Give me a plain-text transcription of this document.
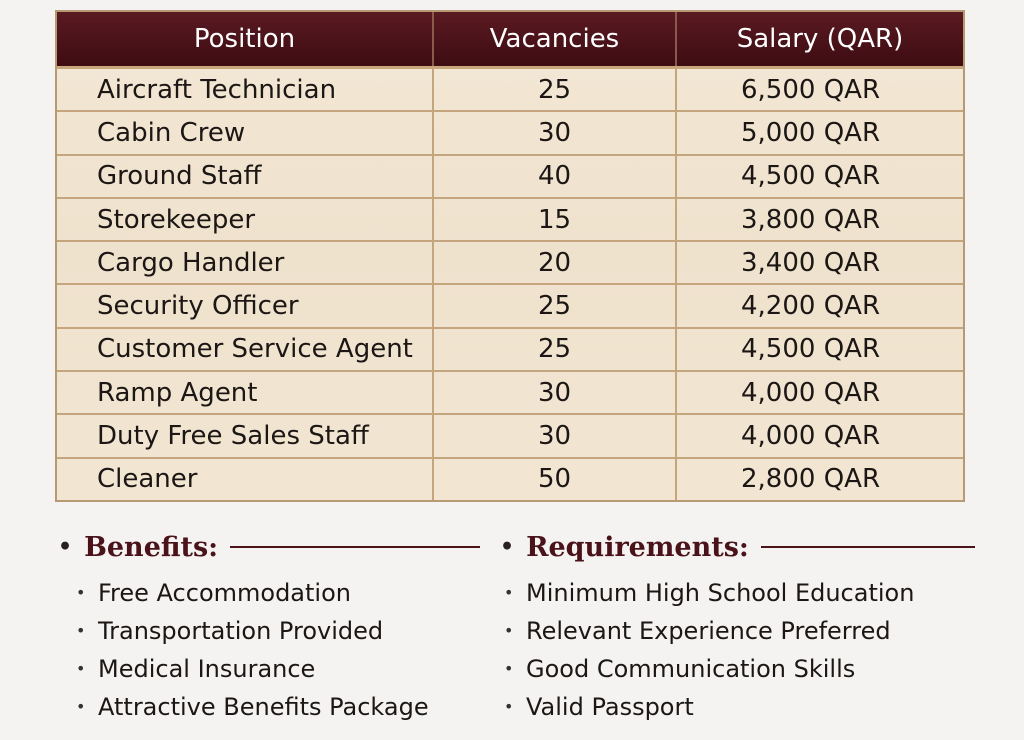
Position	Vacancies	Salary (QAR)
Aircraft Technician	25	6,500 QAR
Cabin Crew	30	5,000 QAR
Ground Staff	40	4,500 QAR
Storekeeper	15	3,800 QAR
Cargo Handler	20	3,400 QAR
Security Officer	25	4,200 QAR
Customer Service Agent	25	4,500 QAR
Ramp Agent	30	4,000 QAR
Duty Free Sales Staff	30	4,000 QAR
Cleaner	50	2,800 QAR
• Benefits:	• Requirements:
• Free Accommodation
• Transportation Provided
• Medical Insurance
• Attractive Benefits Package
• Minimum High School Education
• Relevant Experience Preferred
• Good Communication Skills
• Valid Passport
